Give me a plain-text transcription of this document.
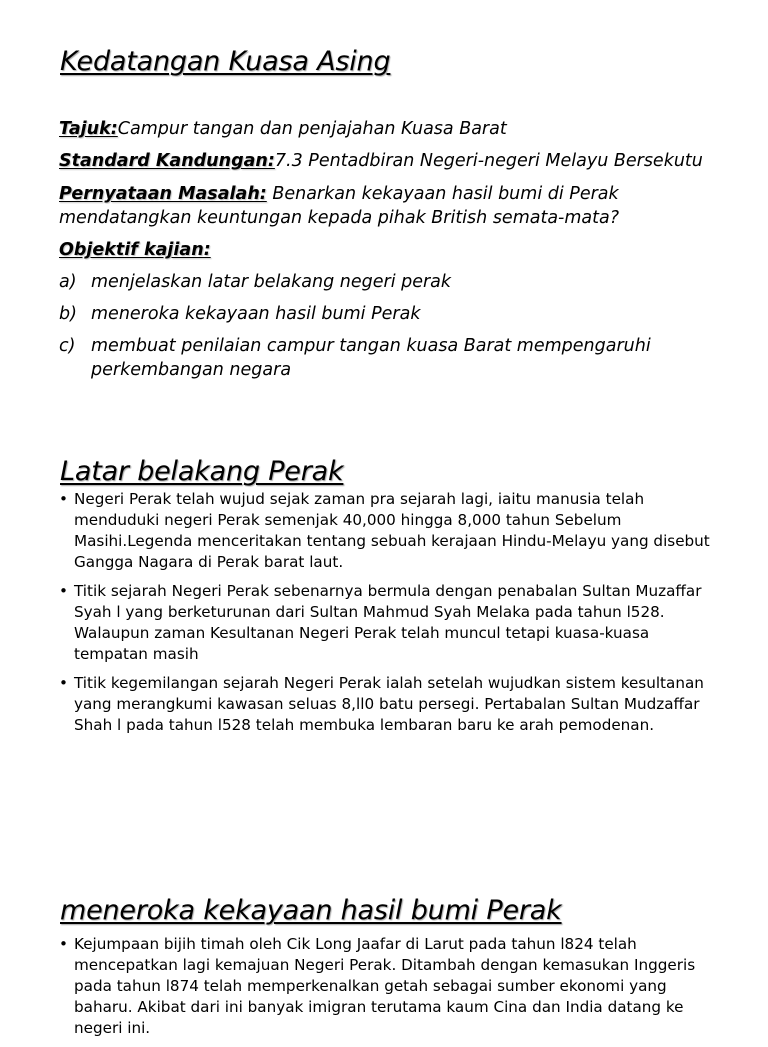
Kedatangan Kuasa Asing
Tajuk:Campur tangan dan penjajahan Kuasa Barat
Standard Kandungan:7.3 Pentadbiran Negeri-negeri Melayu Bersekutu
Pernyataan Masalah: Benarkan kekayaan hasil bumi di Perak mendatangkan keuntungan kepada pihak British semata-mata?
Objektif kajian:
a) menjelaskan latar belakang negeri perak
b) meneroka kekayaan hasil bumi Perak
c) membuat penilaian campur tangan kuasa Barat mempengaruhi perkembangan negara
Latar belakang Perak
• Negeri Perak telah wujud sejak zaman pra sejarah lagi, iaitu manusia telah menduduki negeri Perak semenjak 40,000 hingga 8,000 tahun Sebelum Masihi.Legenda menceritakan tentang sebuah kerajaan Hindu-Melayu yang disebut Gangga Nagara di Perak barat laut.
• Titik sejarah Negeri Perak sebenarnya bermula dengan penabalan Sultan Muzaffar Syah l yang berketurunan dari Sultan Mahmud Syah Melaka pada tahun l528. Walaupun zaman Kesultanan Negeri Perak telah muncul tetapi kuasa-kuasa tempatan masih
• Titik kegemilangan sejarah Negeri Perak ialah setelah wujudkan sistem kesultanan yang merangkumi kawasan seluas 8,ll0 batu persegi. Pertabalan Sultan Mudzaffar Shah l pada tahun l528 telah membuka lembaran baru ke arah pemodenan.
meneroka kekayaan hasil bumi Perak
• Kejumpaan bijih timah oleh Cik Long Jaafar di Larut pada tahun l824 telah mencepatkan lagi kemajuan Negeri Perak. Ditambah dengan kemasukan Inggeris pada tahun l874 telah memperkenalkan getah sebagai sumber ekonomi yang baharu. Akibat dari ini banyak imigran terutama kaum Cina dan India datang ke negeri ini.
